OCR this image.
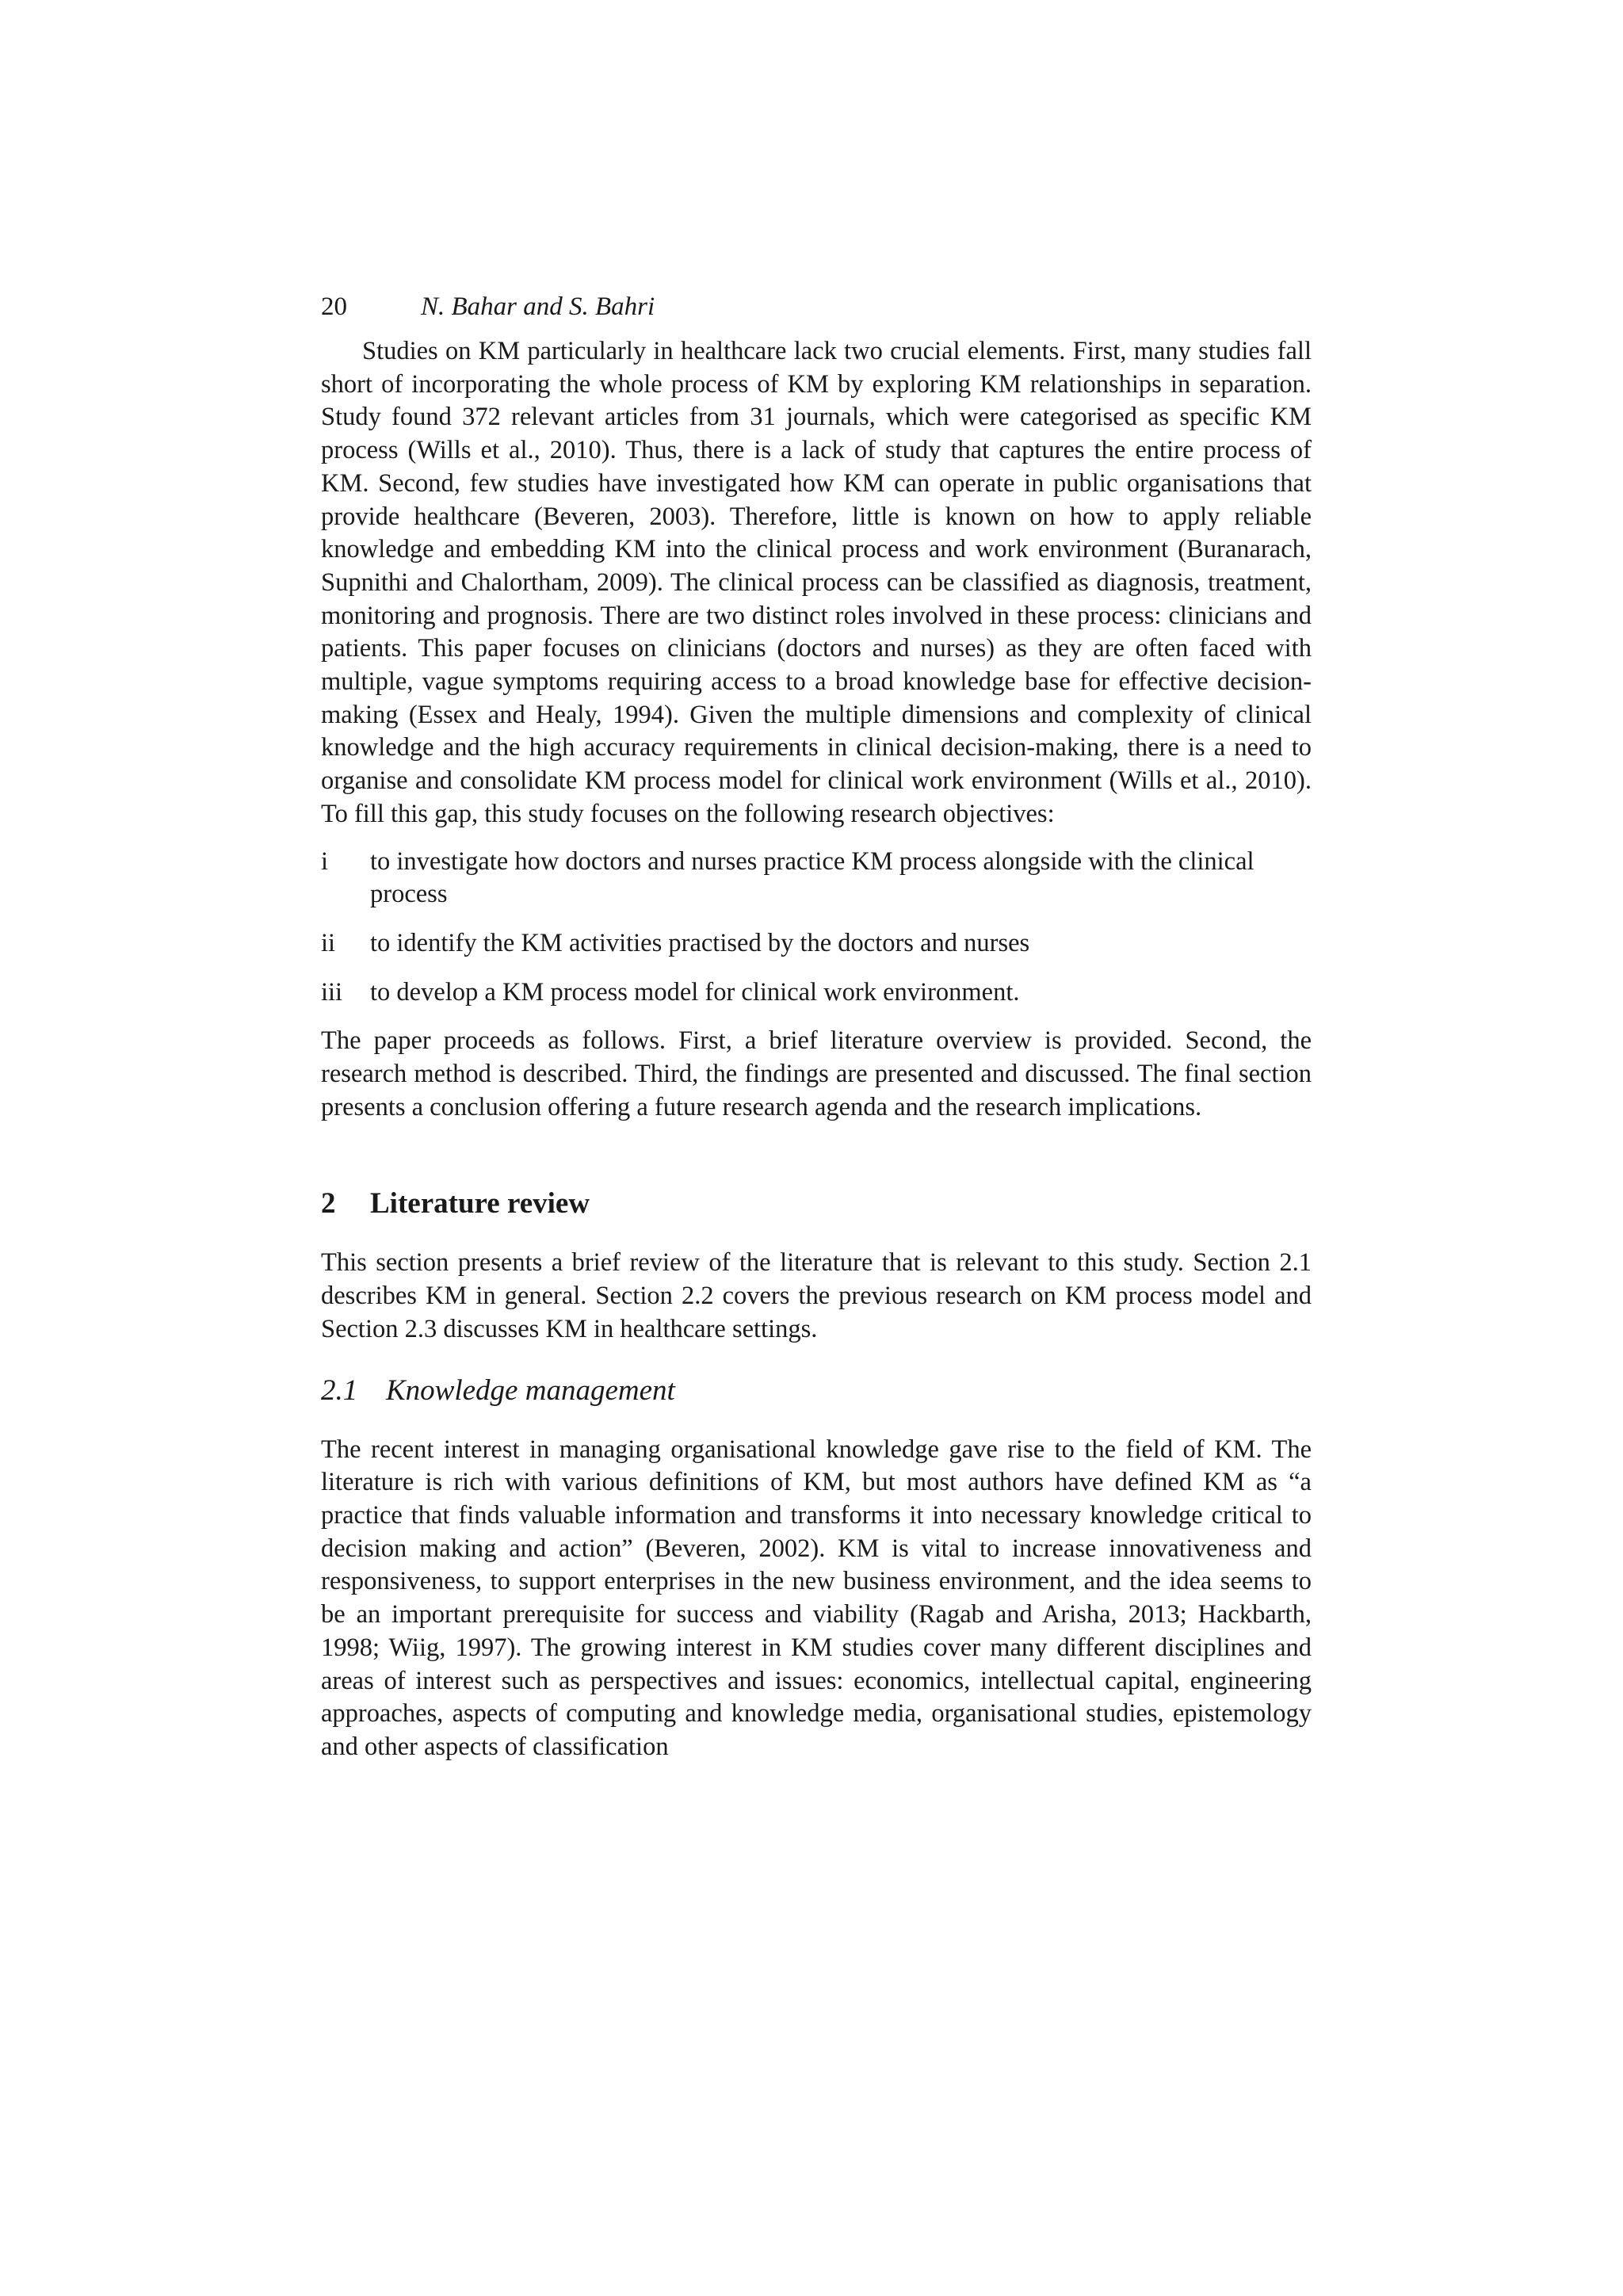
20	N. Bahar and S. Bahri

Studies on KM particularly in healthcare lack two crucial elements. First, many studies fall short of incorporating the whole process of KM by exploring KM relationships in separation. Study found 372 relevant articles from 31 journals, which were categorised as specific KM process (Wills et al., 2010). Thus, there is a lack of study that captures the entire process of KM. Second, few studies have investigated how KM can operate in public organisations that provide healthcare (Beveren, 2003). Therefore, little is known on how to apply reliable knowledge and embedding KM into the clinical process and work environment (Buranarach, Supnithi and Chalortham, 2009). The clinical process can be classified as diagnosis, treatment, monitoring and prognosis. There are two distinct roles involved in these process: clinicians and patients. This paper focuses on clinicians (doctors and nurses) as they are often faced with multiple, vague symptoms requiring access to a broad knowledge base for effective decision-making (Essex and Healy, 1994). Given the multiple dimensions and complexity of clinical knowledge and the high accuracy requirements in clinical decision-making, there is a need to organise and consolidate KM process model for clinical work environment (Wills et al., 2010). To fill this gap, this study focuses on the following research objectives:

i	to investigate how doctors and nurses practice KM process alongside with the clinical process
ii	to identify the KM activities practised by the doctors and nurses
iii	to develop a KM process model for clinical work environment.

The paper proceeds as follows. First, a brief literature overview is provided. Second, the research method is described. Third, the findings are presented and discussed. The final section presents a conclusion offering a future research agenda and the research implications.

2 Literature review

This section presents a brief review of the literature that is relevant to this study. Section 2.1 describes KM in general. Section 2.2 covers the previous research on KM process model and Section 2.3 discusses KM in healthcare settings.

2.1 Knowledge management

The recent interest in managing organisational knowledge gave rise to the field of KM. The literature is rich with various definitions of KM, but most authors have defined KM as “a practice that finds valuable information and transforms it into necessary knowledge critical to decision making and action” (Beveren, 2002). KM is vital to increase innovativeness and responsiveness, to support enterprises in the new business environment, and the idea seems to be an important prerequisite for success and viability (Ragab and Arisha, 2013; Hackbarth, 1998; Wiig, 1997). The growing interest in KM studies cover many different disciplines and areas of interest such as perspectives and issues: economics, intellectual capital, engineering approaches, aspects of computing and knowledge media, organisational studies, epistemology and other aspects of classification
